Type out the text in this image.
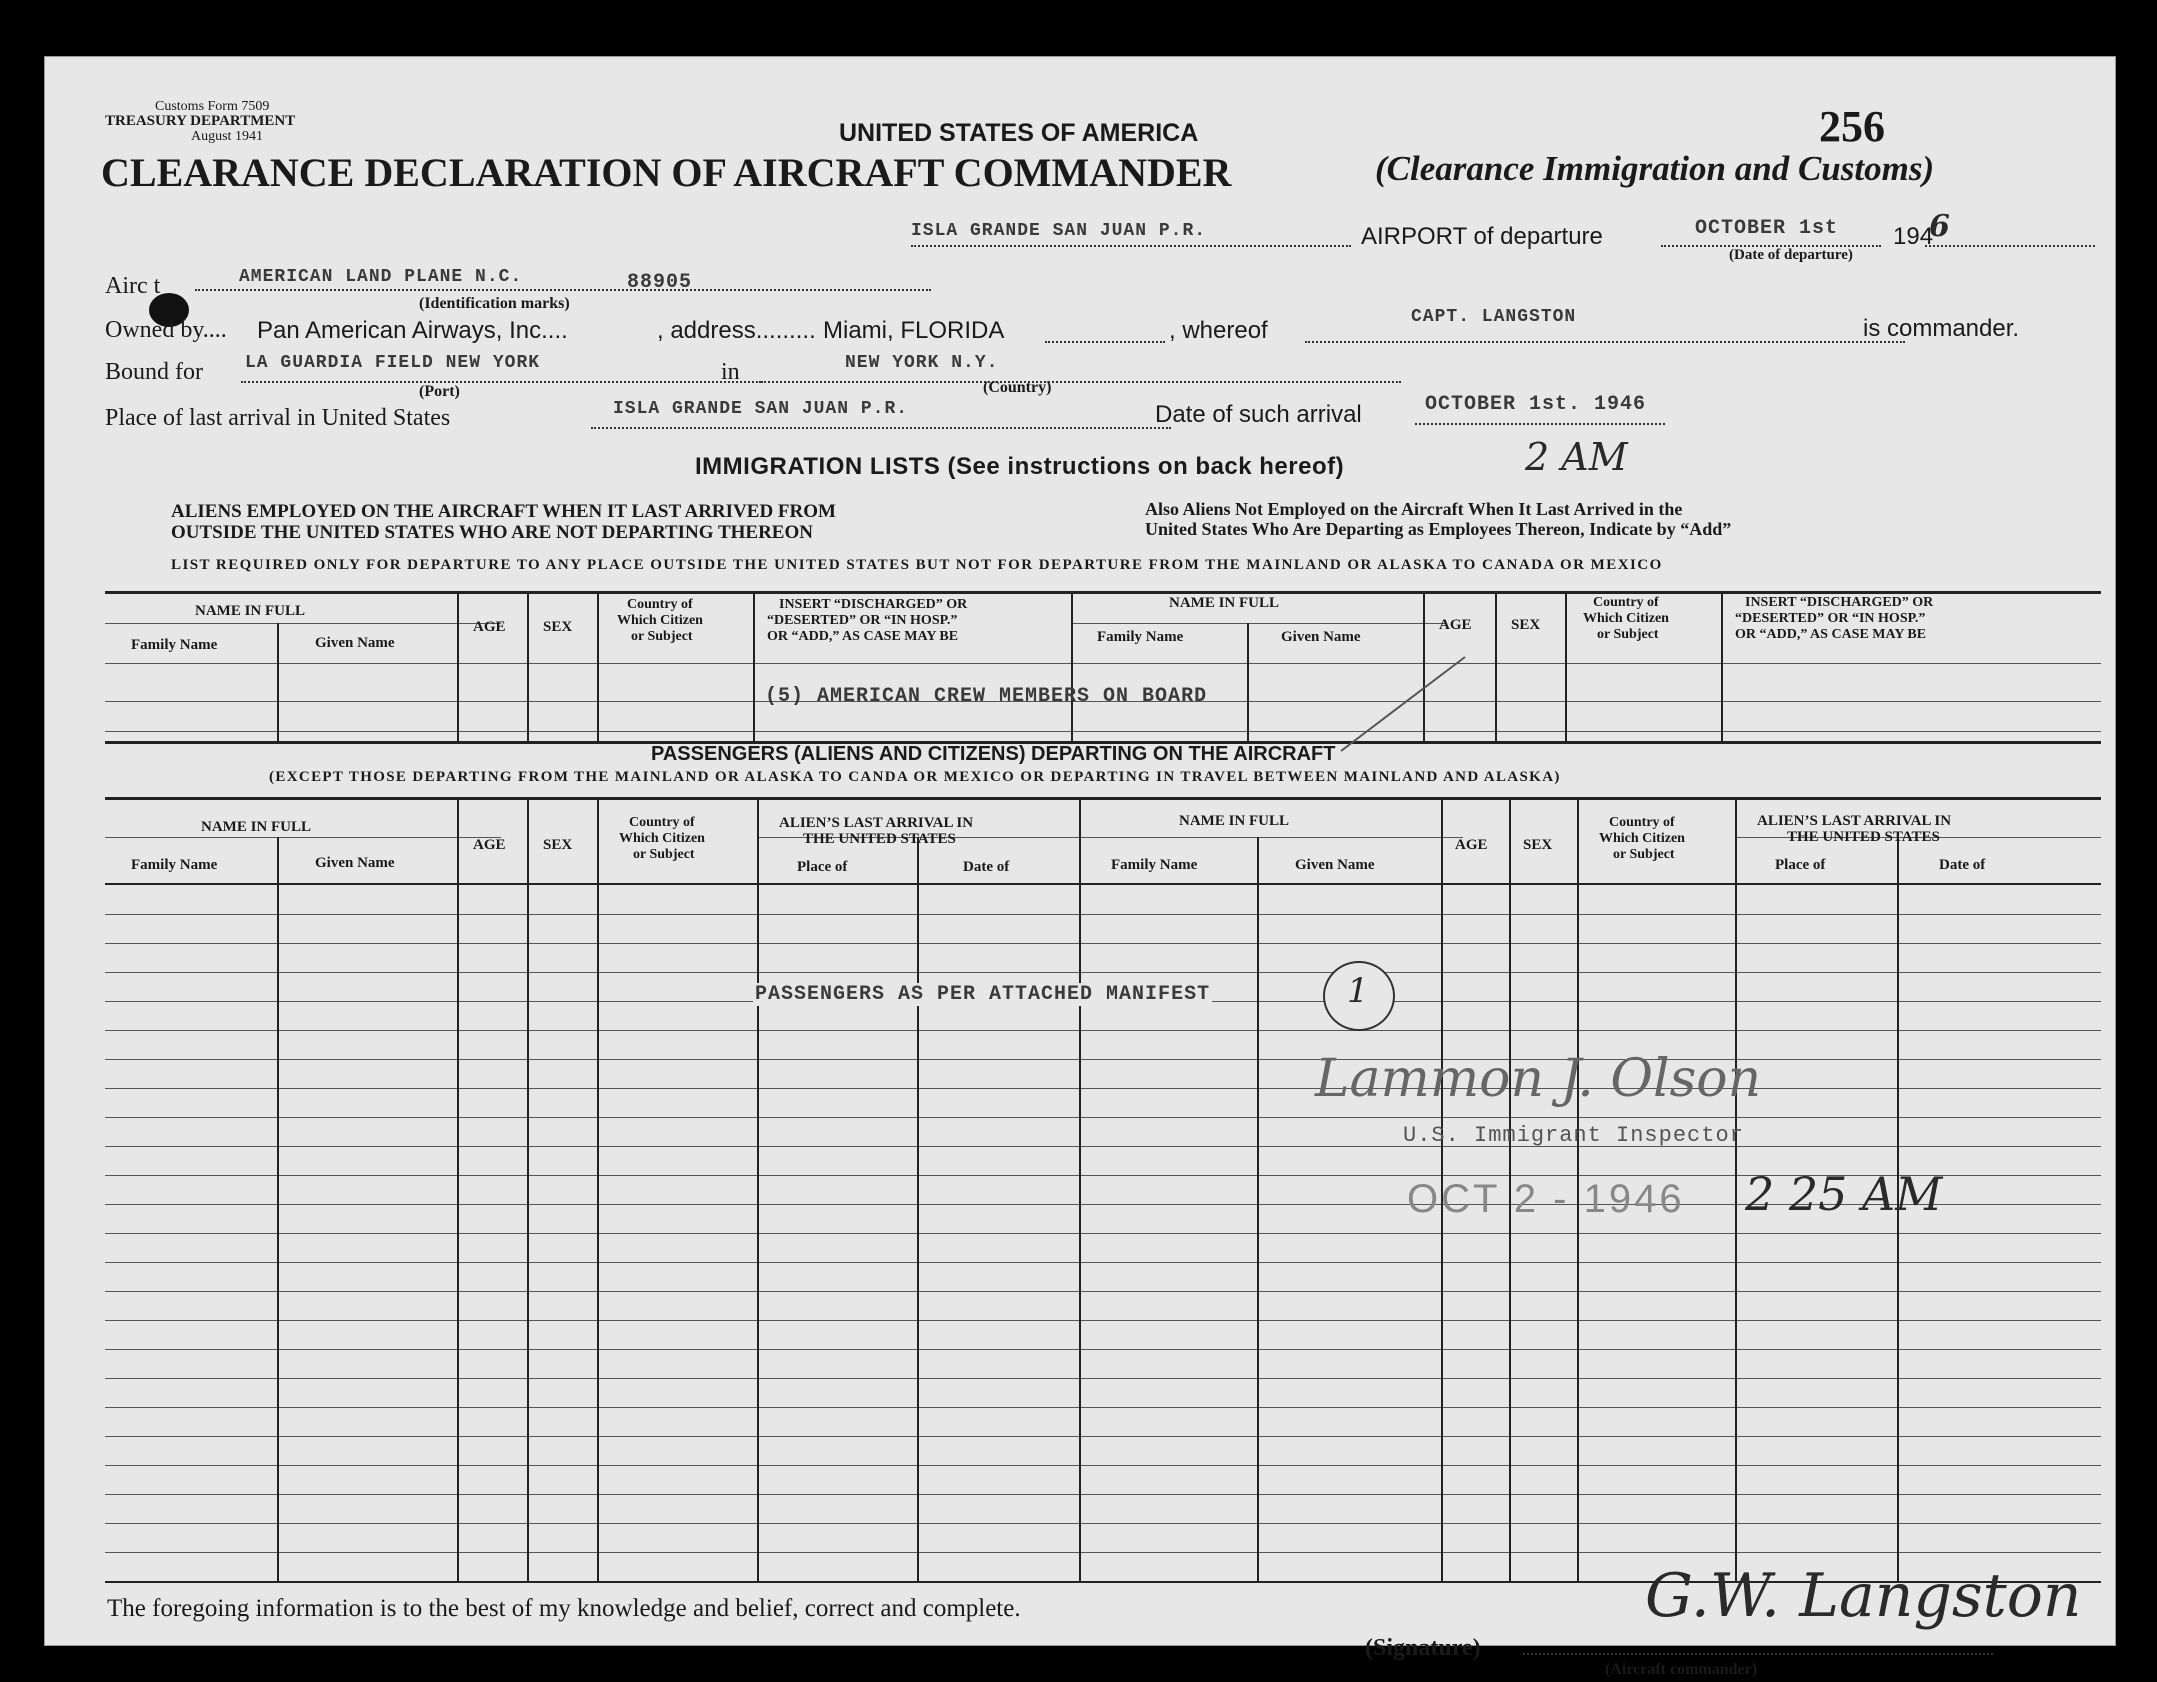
Customs Form 7509
TREASURY DEPARTMENT
August 1941	UNITED STATES OF AMERICA	256
CLEARANCE DECLARATION OF AIRCRAFT COMMANDER	(Clearance Immigration and Customs)
ISLA GRANDE SAN JUAN P.R.	AIRPORT of departure	OCTOBER 1st 194
6
(Date of departure)
Airc t	AMERICAN LAND PLANE N.C.	88905
(Identification marks)
Owned by.... Pan American Airways, Inc....	, address......... Miami, FLORIDA	, whereof	CAPT. LANGSTON	is commander.
Bound for LA GUARDIA FIELD NEW YORK	in	NEW YORK N.Y.
(Port)	(Country)
Place of last arrival in United States	ISLA GRANDE SAN JUAN P.R.	Date of such arrival	OCTOBER 1st. 1946
IMMIGRATION LISTS (See instructions on back hereof)	2 AM
ALIENS EMPLOYED ON THE AIRCRAFT WHEN IT LAST ARRIVED FROM
OUTSIDE THE UNITED STATES WHO ARE NOT DEPARTING THEREON
Also Aliens Not Employed on the Aircraft When It Last Arrived in the
United States Who Are Departing as Employees Thereon, Indicate by “Add”
LIST REQUIRED ONLY FOR DEPARTURE TO ANY PLACE OUTSIDE THE UNITED STATES BUT NOT FOR DEPARTURE FROM THE MAINLAND OR ALASKA TO CANADA OR MEXICO
NAME IN FULL
Family Name	Given Name
AGE SEX
Country of
Which Citizen
or Subject
INSERT “DISCHARGED” OR
“DESERTED” OR “IN HOSP.”
OR “ADD,” AS CASE MAY BE
NAME IN FULL
Family Name	Given Name
AGE	SEX
Country of
Which Citizen
or Subject
INSERT “DISCHARGED” OR
“DESERTED” OR “IN HOSP.”
OR “ADD,” AS CASE MAY BE
(5) AMERICAN CREW MEMBERS ON BOARD
PASSENGERS (ALIENS AND CITIZENS) DEPARTING ON THE AIRCRAFT
(EXCEPT THOSE DEPARTING FROM THE MAINLAND OR ALASKA TO CANDA OR MEXICO OR DEPARTING IN TRAVEL BETWEEN MAINLAND AND ALASKA)
NAME IN FULL
Family Name	Given Name
AGE SEX
Country of
Which Citizen
or Subject
ALIEN’S LAST ARRIVAL IN
THE UNITED STATES
Place of	Date of
NAME IN FULL
Family Name	Given Name
AGE SEX
Country of
Which Citizen
or Subject
ALIEN’S LAST ARRIVAL IN
THE UNITED STATES
Place of	Date of
PASSENGERS AS PER ATTACHED MANIFEST	1
Lammon J. Olson
U.S. Immigrant Inspector
OCT 2 - 1946 2 25 AM
The foregoing information is to the best of my knowledge and belief, correct and complete.
(Signature)
G.W. Langston
(Aircraft commander)
